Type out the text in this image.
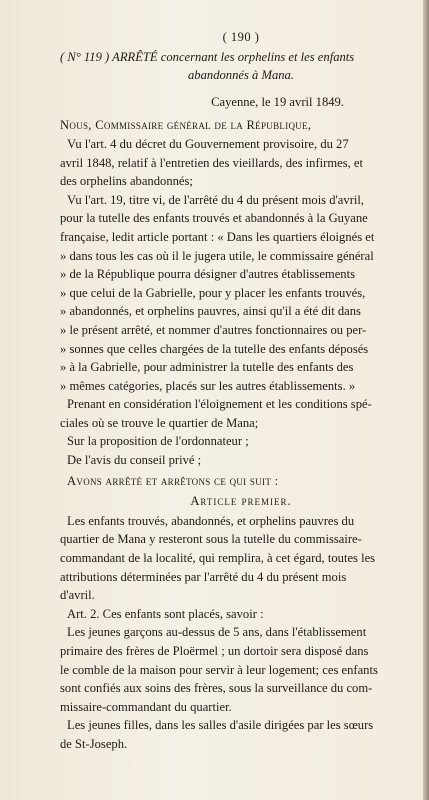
( 190 )
( N° 119 ) ARRÊTÉ concernant les orphelins et les enfants
abandonnés à Mana.
Cayenne, le 19 avril 1849.

Nous, Commissaire général de la République,

Vu l'art. 4 du décret du Gouvernement provisoire, du 27

avril 1848, relatif à l'entretien des vieillards, des infirmes, et

des orphelins abandonnés;

Vu l'art. 19, titre vi, de l'arrêté du 4 du présent mois d'avril,

pour la tutelle des enfants trouvés et abandonnés à la Guyane

française, ledit article portant : « Dans les quartiers éloignés et

» dans tous les cas où il le jugera utile, le commissaire général

» de la République pourra désigner d'autres établissements

» que celui de la Gabrielle, pour y placer les enfants trouvés,

» abandonnés, et orphelins pauvres, ainsi qu'il a été dit dans

» le présent arrêté, et nommer d'autres fonctionnaires ou per-

» sonnes que celles chargées de la tutelle des enfants déposés

» à la Gabrielle, pour administrer la tutelle des enfants des

» mêmes catégories, placés sur les autres établissements. »

Prenant en considération l'éloignement et les conditions spé-

ciales où se trouve le quartier de Mana;

Sur la proposition de l'ordonnateur ;

De l'avis du conseil privé ;

Avons arrêté et arrêtons ce qui suit :

Article premier.

Les enfants trouvés, abandonnés, et orphelins pauvres du

quartier de Mana y resteront sous la tutelle du commissaire-

commandant de la localité, qui remplira, à cet égard, toutes les

attributions déterminées par l'arrêté du 4 du présent mois

d'avril.

Art. 2. Ces enfants sont placés, savoir :

Les jeunes garçons au-dessus de 5 ans, dans l'établissement

primaire des frères de Ploërmel ; un dortoir sera disposé dans

le comble de la maison pour servir à leur logement; ces enfants

sont confiés aux soins des frères, sous la surveillance du com-

missaire-commandant du quartier.

Les jeunes filles, dans les salles d'asile dirigées par les sœurs

de St-Joseph.
